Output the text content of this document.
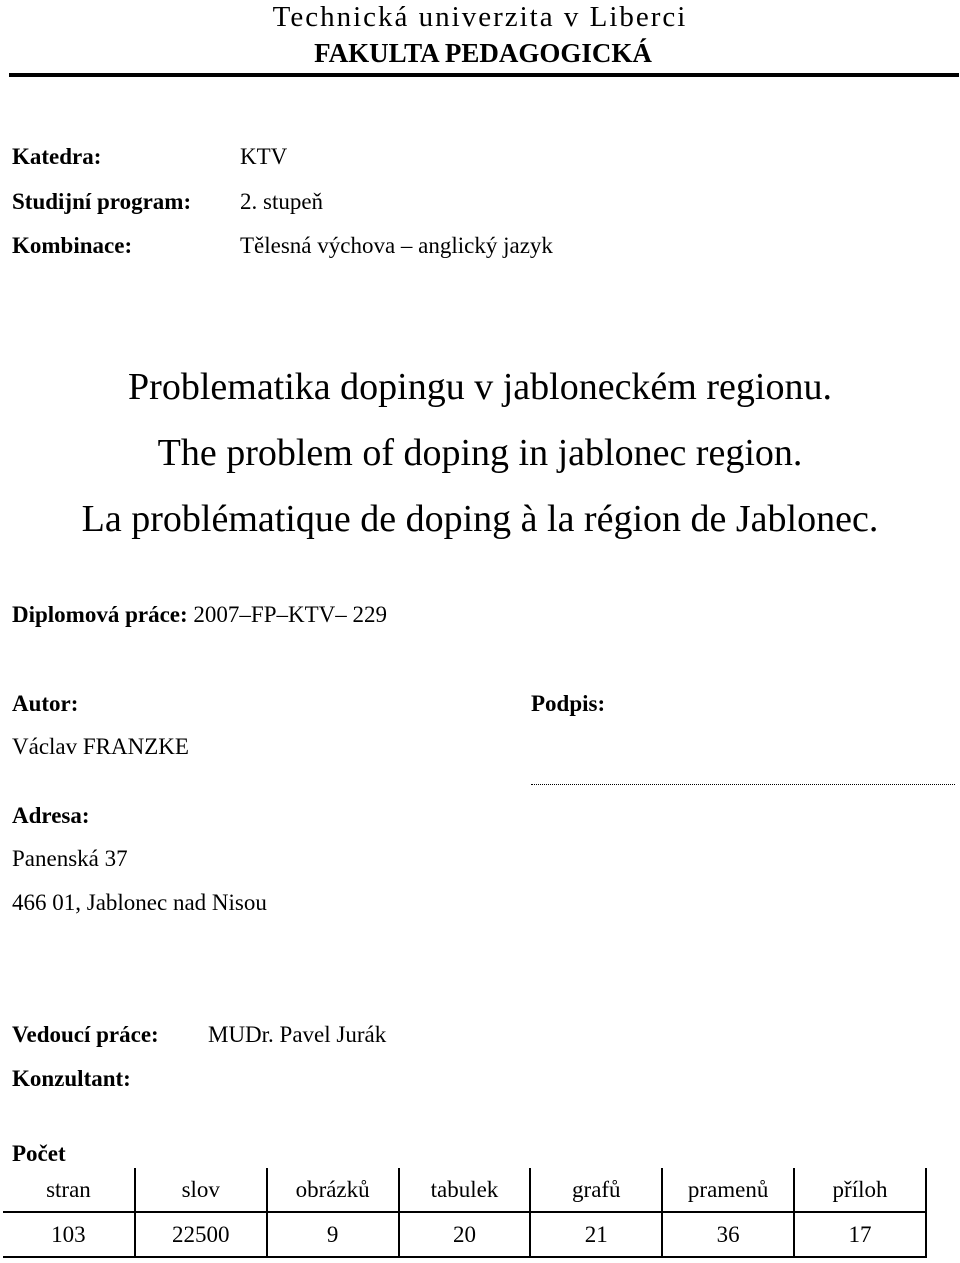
Technická univerzita v Liberci
FAKULTA PEDAGOGICKÁ
Katedra:	KTV
Studijní program: 2. stupeň
Kombinace:	Tělesná výchova – anglický jazyk
Problematika dopingu v jabloneckém regionu.
The problem of doping in jablonec region.
La problématique de doping à la région de Jablonec.
Diplomová práce: 2007–FP–KTV– 229
Autor:	Podpis:
Václav FRANZKE
Adresa:
Panenská 37
466 01, Jablonec nad Nisou
Vedoucí práce: MUDr. Pavel Jurák
Konzultant:
Počet
stran	slov	obrázků	tabulek	grafů	pramenů	příloh
103	22500	9	20	21	36	17
